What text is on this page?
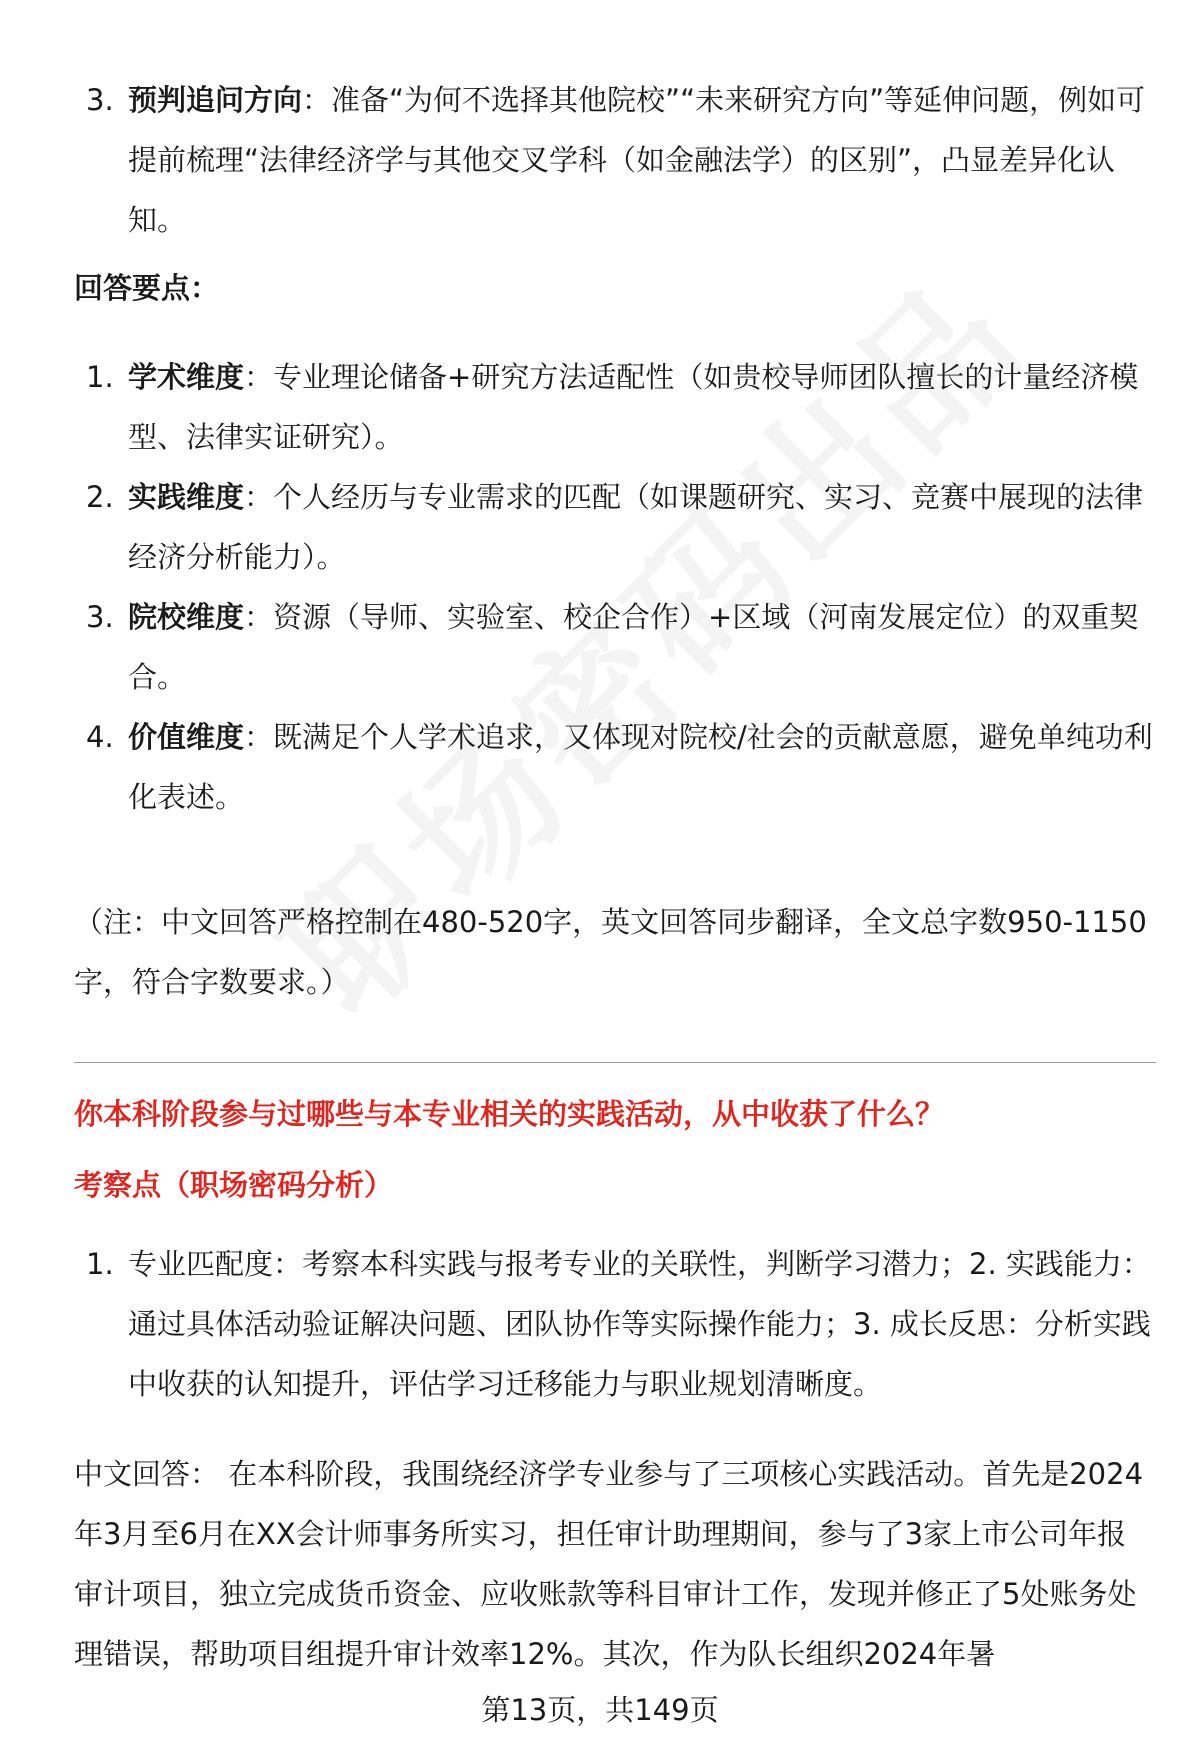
3. 预判追问方向：准备“为何不选择其他院校”“未来研究方向”等延伸问题，例如可提前梳理“法律经济学与其他交叉学科（如金融法学）的区别”，凸显差异化认知。
回答要点：
1. 学术维度：专业理论储备+研究方法适配性（如贵校导师团队擅长的计量经济模型、法律实证研究）。
2. 实践维度：个人经历与专业需求的匹配（如课题研究、实习、竞赛中展现的法律经济分析能力）。
3. 院校维度：资源（导师、实验室、校企合作）+区域（河南发展定位）的双重契合。
4. 价值维度：既满足个人学术追求，又体现对院校/社会的贡献意愿，避免单纯功利化表述。
（注：中文回答严格控制在480-520字，英文回答同步翻译，全文总字数950-1150字，符合字数要求。）
你本科阶段参与过哪些与本专业相关的实践活动，从中收获了什么？
考察点（职场密码分析）
1. 专业匹配度：考察本科实践与报考专业的关联性，判断学习潜力；2. 实践能力：通过具体活动验证解决问题、团队协作等实际操作能力；3. 成长反思：分析实践中收获的认知提升，评估学习迁移能力与职业规划清晰度。
中文回答： 在本科阶段，我围绕经济学专业参与了三项核心实践活动。首先是2024年3月至6月在XX会计师事务所实习，担任审计助理期间，参与了3家上市公司年报审计项目，独立完成货币资金、应收账款等科目审计工作，发现并修正了5处账务处理错误，帮助项目组提升审计效率12%。其次，作为队长组织2024年暑
第13页，共149页
